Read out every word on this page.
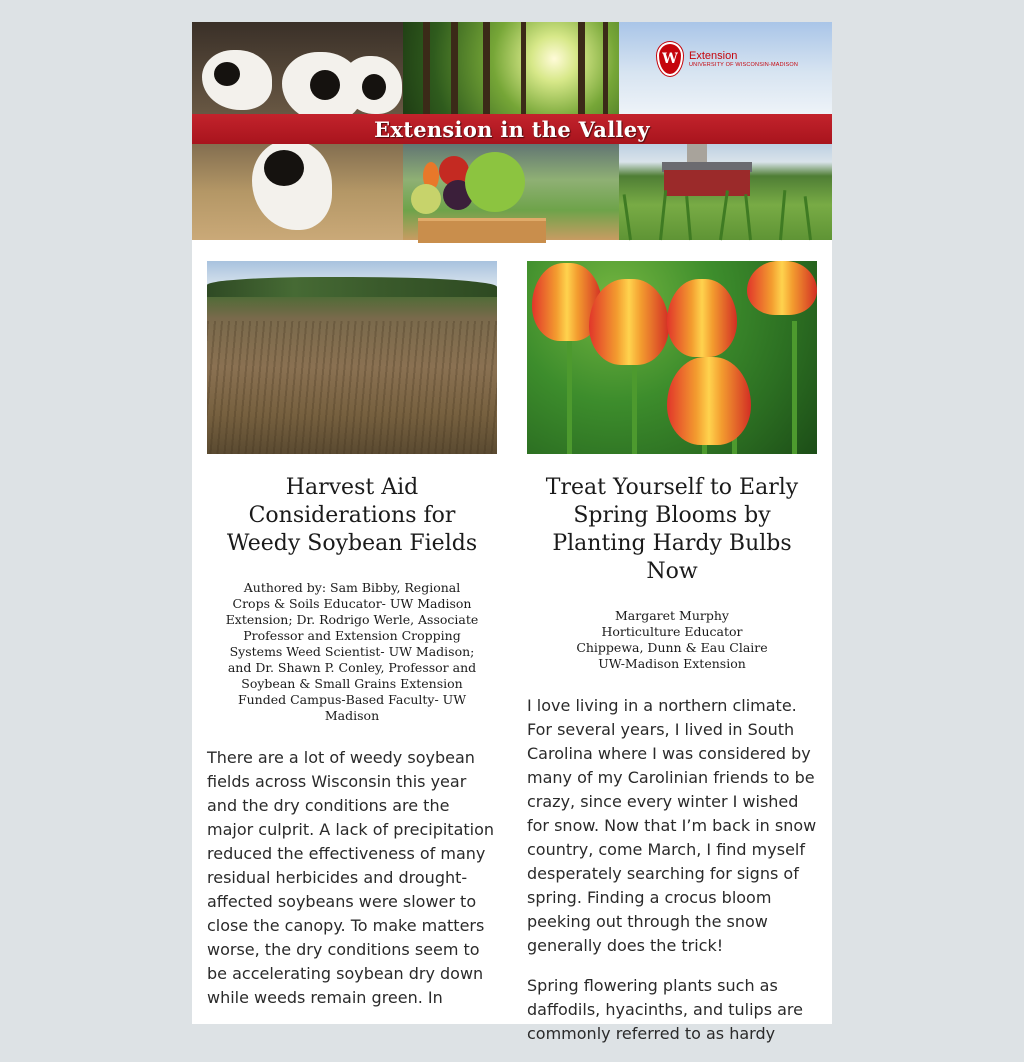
Extension in the Valley
W	Extension
UNIVERSITY OF WISCONSIN-MADISON
Harvest Aid Considerations for Weedy Soybean Fields
Authored by: Sam Bibby, Regional Crops & Soils Educator- UW Madison Extension; Dr. Rodrigo Werle, Associate Professor and Extension Cropping Systems Weed Scientist- UW Madison; and Dr. Shawn P. Conley, Professor and Soybean & Small Grains Extension Funded Campus-Based Faculty- UW Madison

There are a lot of weedy soybean fields across Wisconsin this year and the dry conditions are the major culprit. A lack of precipitation reduced the effectiveness of many residual herbicides and drought- affected soybeans were slower to close the canopy. To make matters worse, the dry conditions seem to be accelerating soybean dry down while weeds remain green. In

Treat Yourself to Early Spring Blooms by Planting Hardy Bulbs Now
Margaret Murphy
Horticulture Educator
Chippewa, Dunn & Eau Claire
UW-Madison Extension

I love living in a northern climate. For several years, I lived in South Carolina where I was considered by many of my Carolinian friends to be crazy, since every winter I wished for snow. Now that I’m back in snow country, come March, I find myself desperately searching for signs of spring. Finding a crocus bloom peeking out through the snow generally does the trick!

Spring flowering plants such as daffodils, hyacinths, and tulips are commonly referred to as hardy
